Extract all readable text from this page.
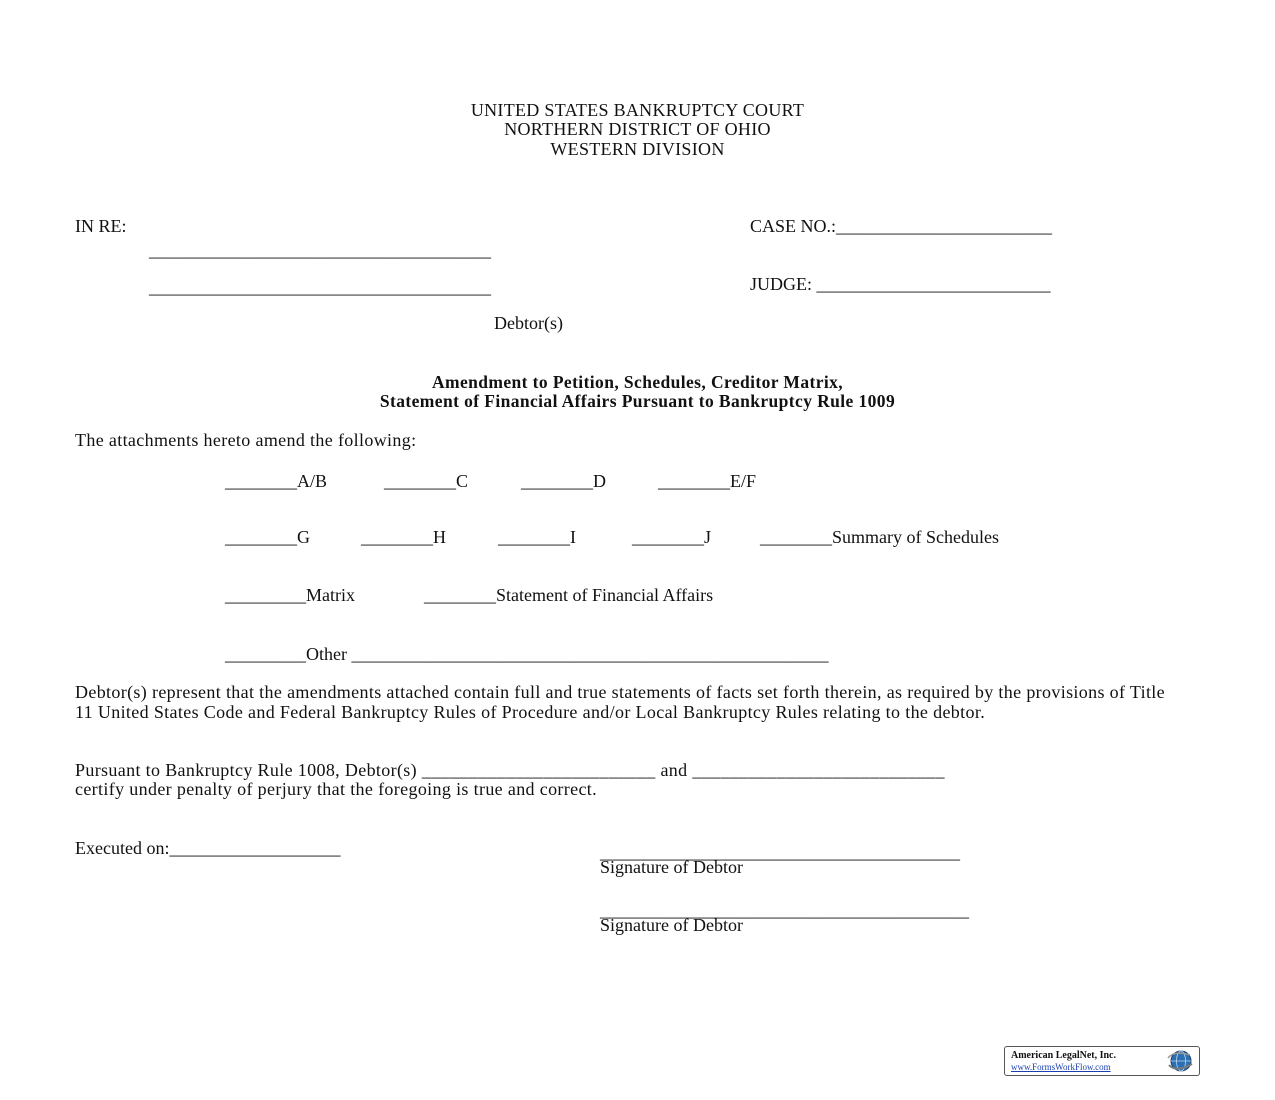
UNITED STATES BANKRUPTCY COURT
NORTHERN DISTRICT OF OHIO
WESTERN DIVISION
IN RE:
______________________________________
______________________________________
Debtor(s)
CASE NO.:________________________
JUDGE: __________________________
Amendment to Petition, Schedules, Creditor Matrix,
Statement of Financial Affairs Pursuant to Bankruptcy Rule 1009
The attachments hereto amend the following:
________A/B	________C	________D	________E/F
________G	________H	________I	________J	________Summary of Schedules
_________Matrix	________Statement of Financial Affairs
_________Other _____________________________________________________
Debtor(s) represent that the amendments attached contain full and true statements of facts set forth therein, as required by the provisions of Title 11 United States Code and Federal Bankruptcy Rules of Procedure and/or Local Bankruptcy Rules relating to the debtor.
Pursuant to Bankruptcy Rule 1008, Debtor(s) _________________________ and ___________________________
certify under penalty of perjury that the foregoing is true and correct.
Executed on:___________________	________________________________________
Signature of Debtor
_________________________________________
Signature of Debtor
American LegalNet, Inc.
www.FormsWorkFlow.com
